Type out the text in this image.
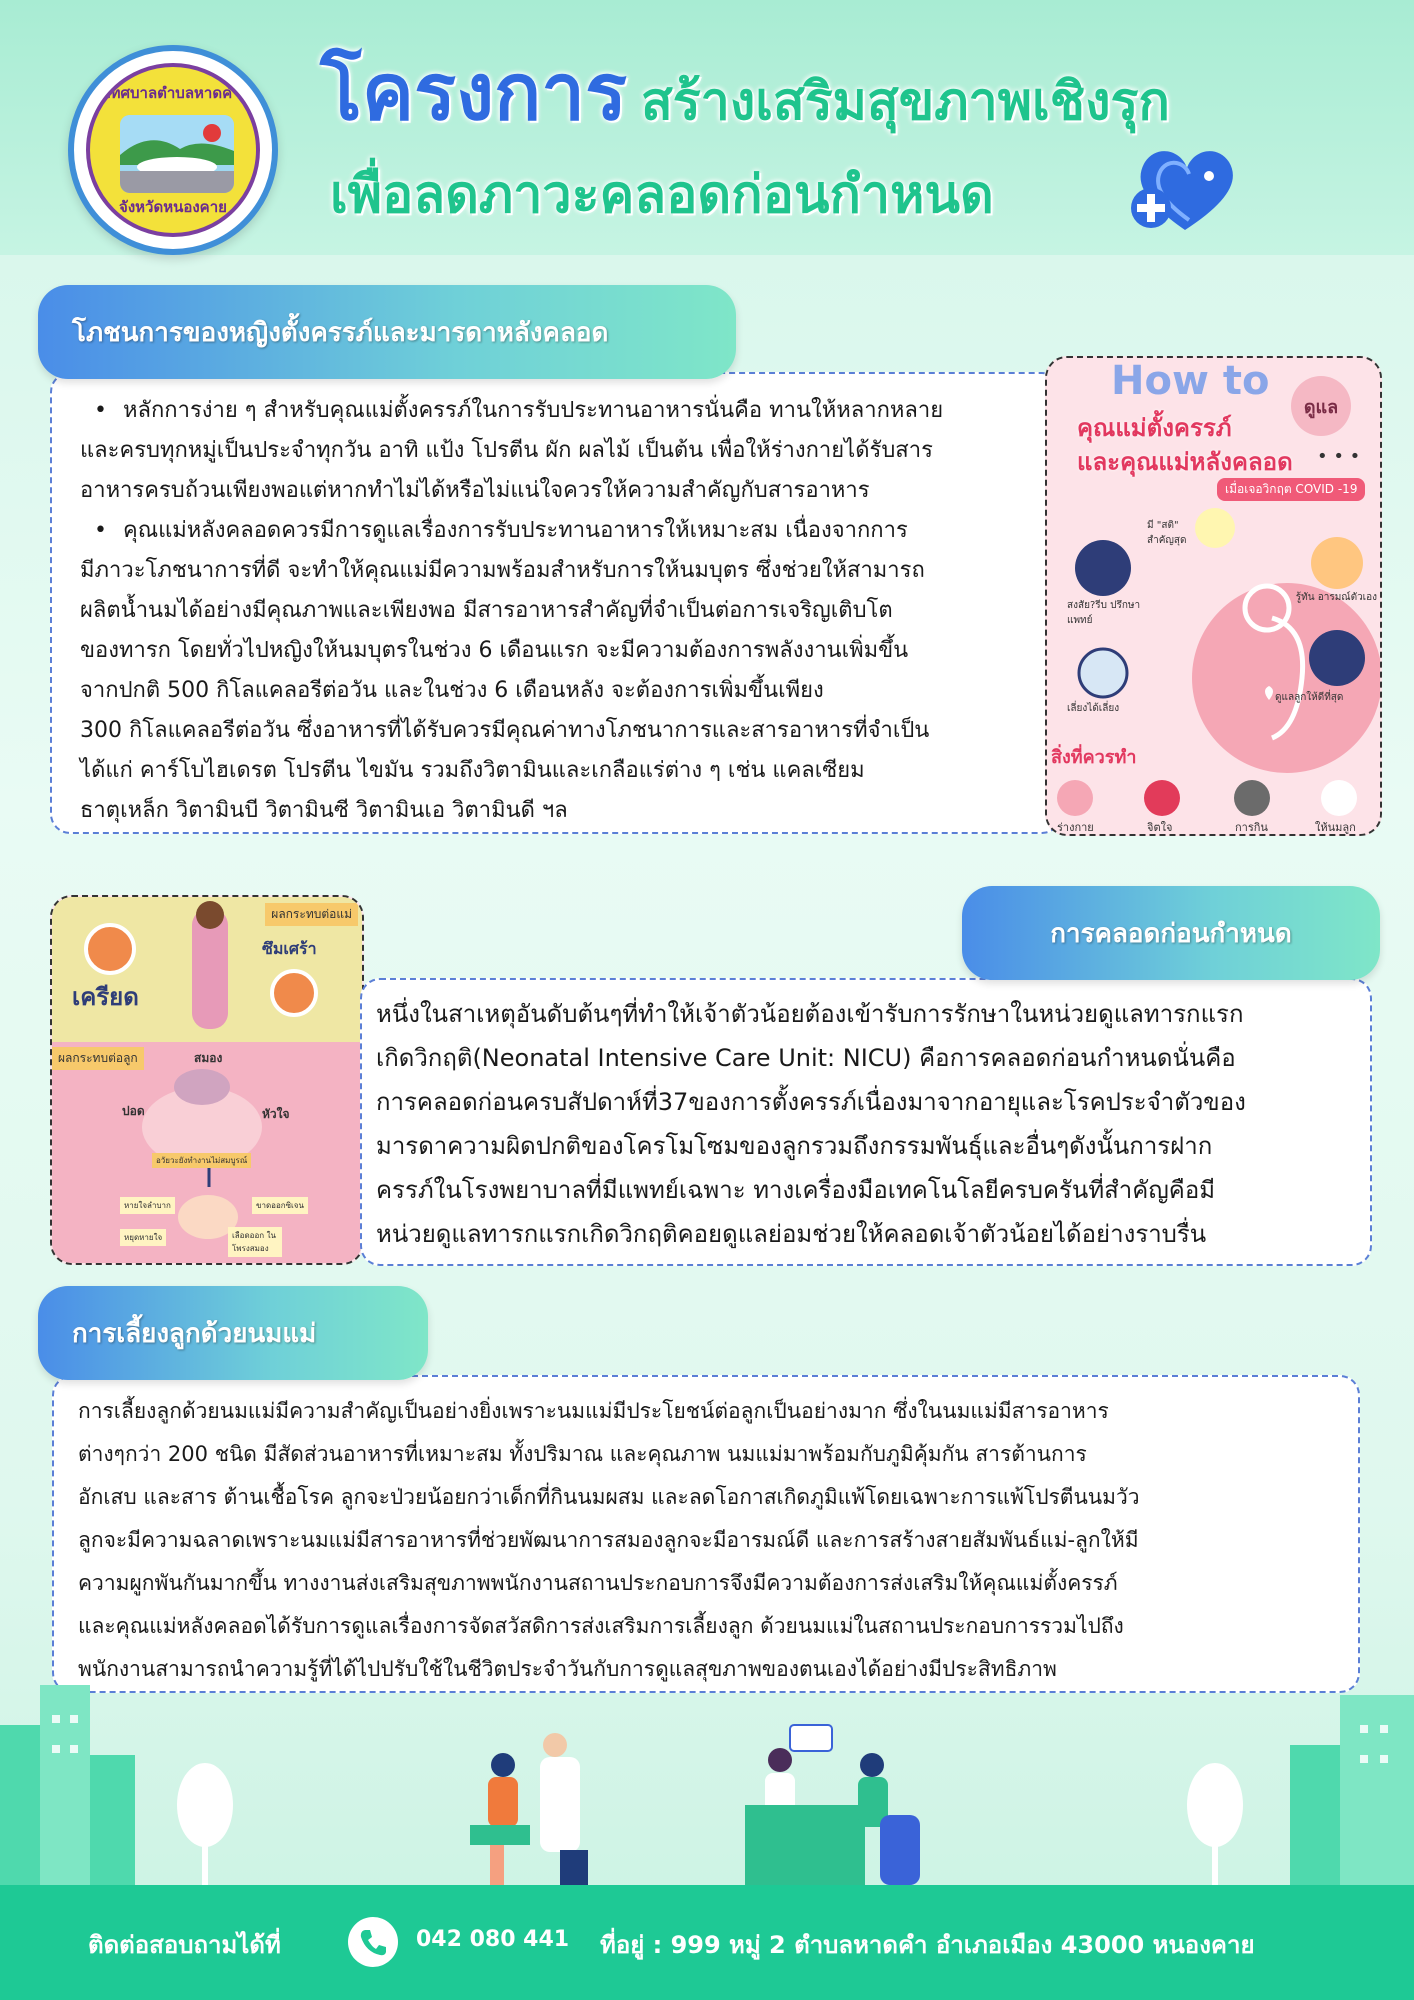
เทศบาลตำบลหาดคำ
จังหวัดหนองคาย
โครงการ สร้างเสริมสุขภาพเชิงรุก
เพื่อลดภาวะคลอดก่อนกำหนด

• หลักการง่าย ๆ สำหรับคุณแม่ตั้งครรภ์ในการรับประทานอาหารนั่นคือ ทานให้หลากหลาย

และครบทุกหมู่เป็นประจำทุกวัน อาทิ แป้ง โปรตีน ผัก ผลไม้ เป็นต้น เพื่อให้ร่างกายได้รับสาร

อาหารครบถ้วนเพียงพอแต่หากทำไม่ได้หรือไม่แน่ใจควรให้ความสำคัญกับสารอาหาร

• คุณแม่หลังคลอดควรมีการดูแลเรื่องการรับประทานอาหารให้เหมาะสม เนื่องจากการ

มีภาวะโภชนาการที่ดี จะทำให้คุณแม่มีความพร้อมสำหรับการให้นมบุตร ซึ่งช่วยให้สามารถ

ผลิตน้ำนมได้อย่างมีคุณภาพและเพียงพอ มีสารอาหารสำคัญที่จำเป็นต่อการเจริญเติบโต

ของทารก โดยทั่วไปหญิงให้นมบุตรในช่วง 6 เดือนแรก จะมีความต้องการพลังงานเพิ่มขึ้น

จากปกติ 500 กิโลแคลอรีต่อวัน และในช่วง 6 เดือนหลัง จะต้องการเพิ่มขึ้นเพียง

300 กิโลแคลอรีต่อวัน ซึ่งอาหารที่ได้รับควรมีคุณค่าทางโภชนาการและสารอาหารที่จำเป็น

ได้แก่ คาร์โบไฮเดรต โปรตีน ไขมัน รวมถึงวิตามินและเกลือแร่ต่าง ๆ เช่น แคลเซียม

ธาตุเหล็ก วิตามินบี วิตามินซี วิตามินเอ วิตามินดี ฯล

โภชนการของหญิงตั้งครรภ์และมารดาหลังคลอด
How to
ดูแล
คุณแม่ตั้งครรภ์
และคุณแม่หลังคลอด • • •
เมื่อเจอวิกฤต COVID -19
มี "สติ" สำคัญสุด
สงสัย?รีบ ปรึกษาแพทย์
รู้ทัน อารมณ์ตัวเอง
เลี่ยงได้เลี่ยง
ดูแลลูกให้ดีที่สุด
สิ่งที่ควรทำ
ร่างกาย	จิตใจ	การกิน	ให้นมลูก
ผลกระทบต่อแม่
เครียด
ซึมเศร้า
ผลกระทบต่อลูก	สมอง
ปอด	หัวใจ
อวัยวะยังทำงานไม่สมบูรณ์
หายใจลำบาก	ขาดออกซิเจน
หยุดหายใจ	เลือดออก ในโพรงสมอง

หนึ่งในสาเหตุอันดับต้นๆที่ทำให้เจ้าตัวน้อยต้องเข้ารับการรักษาในหน่วยดูแลทารกแรก

เกิดวิกฤติ(Neonatal Intensive Care Unit: NICU) คือการคลอดก่อนกำหนดนั่นคือ

การคลอดก่อนครบสัปดาห์ที่37ของการตั้งครรภ์เนื่องมาจากอายุและโรคประจำตัวของ

มารดาความผิดปกติของโครโมโซมของลูกรวมถึงกรรมพันธุ์และอื่นๆดังนั้นการฝาก

ครรภ์ในโรงพยาบาลที่มีแพทย์เฉพาะ ทางเครื่องมือเทคโนโลยีครบครันที่สำคัญคือมี

หน่วยดูแลทารกแรกเกิดวิกฤติคอยดูแลย่อมช่วยให้คลอดเจ้าตัวน้อยได้อย่างราบรื่น

การคลอดก่อนกำหนด

การเลี้ยงลูกด้วยนมแม่มีความสำคัญเป็นอย่างยิ่งเพราะนมแม่มีประโยชน์ต่อลูกเป็นอย่างมาก ซึ่งในนมแม่มีสารอาหาร

ต่างๆกว่า 200 ชนิด มีสัดส่วนอาหารที่เหมาะสม ทั้งปริมาณ และคุณภาพ นมแม่มาพร้อมกับภูมิคุ้มกัน สารต้านการ

อักเสบ และสาร ต้านเชื้อโรค ลูกจะป่วยน้อยกว่าเด็กที่กินนมผสม และลดโอกาสเกิดภูมิแพ้โดยเฉพาะการแพ้โปรตีนนมวัว

ลูกจะมีความฉลาดเพราะนมแม่มีสารอาหารที่ช่วยพัฒนาการสมองลูกจะมีอารมณ์ดี และการสร้างสายสัมพันธ์แม่-ลูกให้มี

ความผูกพันกันมากขึ้น ทางงานส่งเสริมสุขภาพพนักงานสถานประกอบการจึงมีความต้องการส่งเสริมให้คุณแม่ตั้งครรภ์

และคุณแม่หลังคลอดได้รับการดูแลเรื่องการจัดสวัสดิการส่งเสริมการเลี้ยงลูก ด้วยนมแม่ในสถานประกอบการรวมไปถึง

พนักงานสามารถนำความรู้ที่ได้ไปปรับใช้ในชีวิตประจำวันกับการดูแลสุขภาพของตนเองได้อย่างมีประสิทธิภาพ

การเลี้ยงลูกด้วยนมแม่
ติดต่อสอบถามได้ที่	042 080 441 ที่อยู่ : 999 หมู่ 2 ตำบลหาดคำ อำเภอเมือง 43000 หนองคาย
